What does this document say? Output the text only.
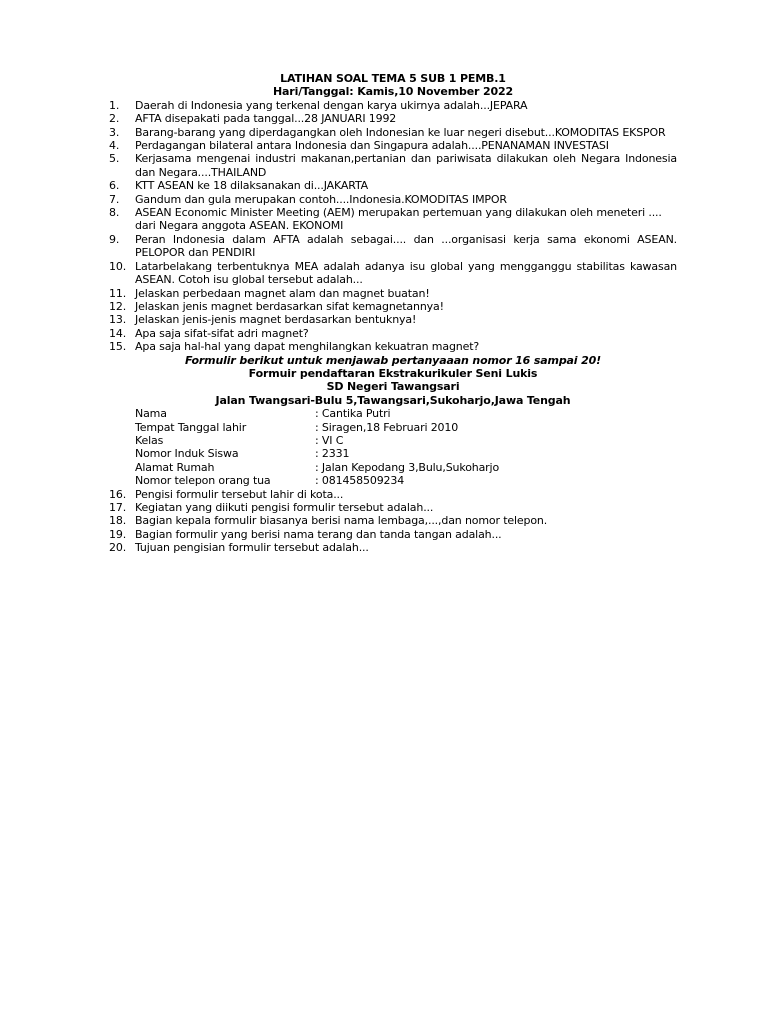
LATIHAN SOAL TEMA 5 SUB 1 PEMB.1
Hari/Tanggal: Kamis,10 November 2022
1.	Daerah di Indonesia yang terkenal dengan karya ukirnya adalah...JEPARA
2.	AFTA disepakati pada tanggal...28 JANUARI 1992
3.	Barang-barang yang diperdagangkan oleh Indonesian ke luar negeri disebut...KOMODITAS EKSPOR
4.	Perdagangan bilateral antara Indonesia dan Singapura adalah....PENANAMAN INVESTASI
5.	Kerjasama mengenai industri makanan,pertanian dan pariwisata dilakukan oleh Negara Indonesia dan Negara....THAILAND
6.	KTT ASEAN ke 18 dilaksanakan di...JAKARTA
7.	Gandum dan gula merupakan contoh....Indonesia.KOMODITAS IMPOR
8.	ASEAN Economic Minister Meeting (AEM) merupakan pertemuan yang dilakukan oleh meneteri .... dari Negara anggota ASEAN. EKONOMI
9.	Peran Indonesia dalam AFTA adalah sebagai.... dan ...organisasi kerja sama ekonomi ASEAN. PELOPOR dan PENDIRI
10. Latarbelakang terbentuknya MEA adalah adanya isu global yang mengganggu stabilitas kawasan ASEAN. Cotoh isu global tersebut adalah...
11. Jelaskan perbedaan magnet alam dan magnet buatan!
12. Jelaskan jenis magnet berdasarkan sifat kemagnetannya!
13. Jelaskan jenis-jenis magnet berdasarkan bentuknya!
14. Apa saja sifat-sifat adri magnet?
15. Apa saja hal-hal yang dapat menghilangkan kekuatran magnet?
Formulir berikut untuk menjawab pertanyaaan nomor 16 sampai 20!
Formuir pendaftaran Ekstrakurikuler Seni Lukis
SD Negeri Tawangsari
Jalan Twangsari-Bulu 5,Tawangsari,Sukoharjo,Jawa Tengah
Nama	: Cantika Putri
Tempat Tanggal lahir	: Siragen,18 Februari 2010
Kelas	: VI C
Nomor Induk Siswa	: 2331
Alamat Rumah	: Jalan Kepodang 3,Bulu,Sukoharjo
Nomor telepon orang tua	: 081458509234
16. Pengisi formulir tersebut lahir di kota...
17. Kegiatan yang diikuti pengisi formulir tersebut adalah...
18. Bagian kepala formulir biasanya berisi nama lembaga,...,dan nomor telepon.
19. Bagian formulir yang berisi nama terang dan tanda tangan adalah...
20. Tujuan pengisian formulir tersebut adalah...
